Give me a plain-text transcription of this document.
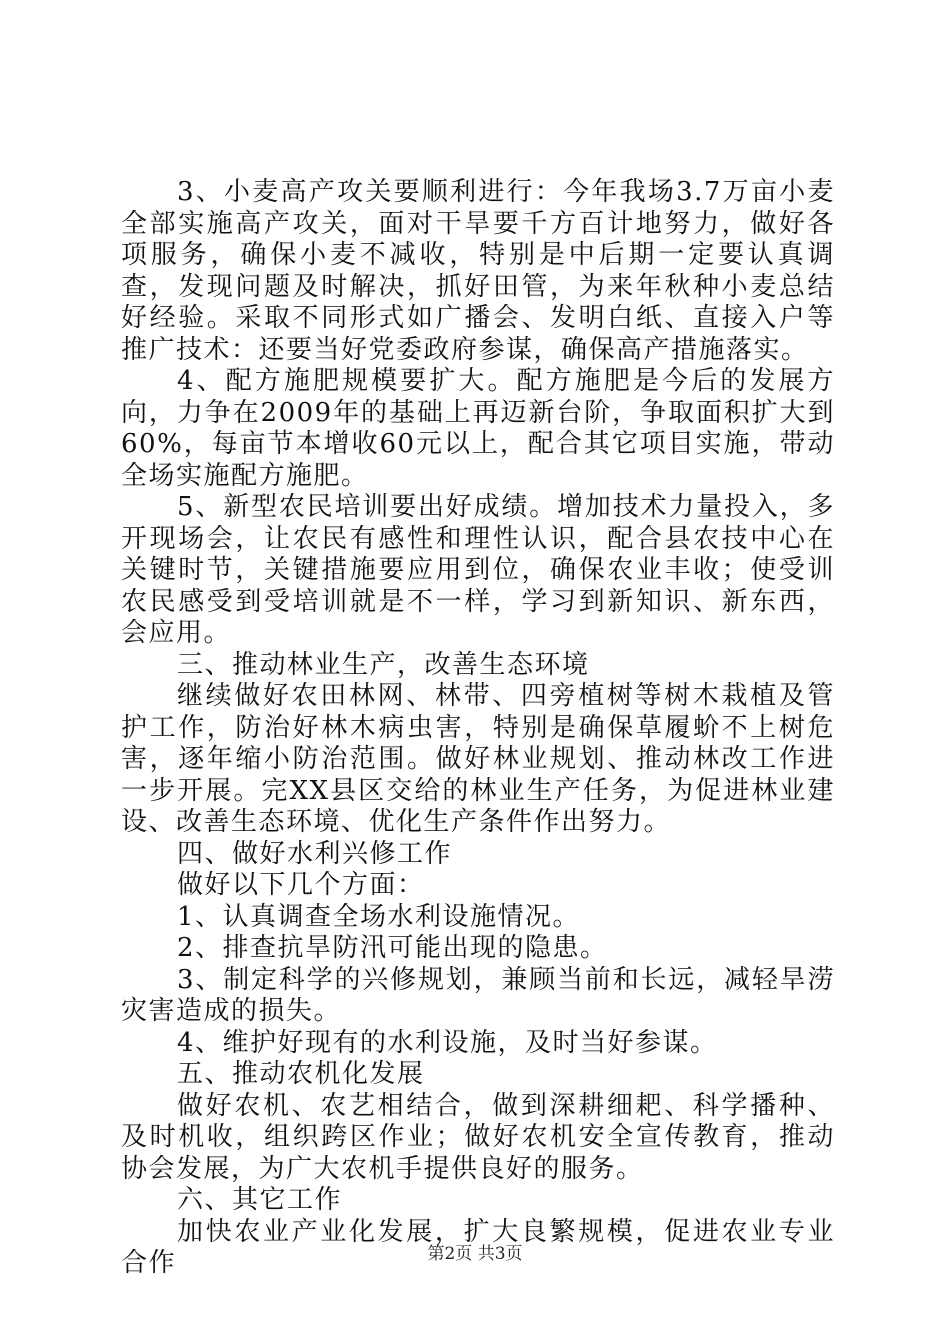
3、小麦高产攻关要顺利进行：今年我场3.7万亩小麦全部实施高产攻关，面对干旱要千方百计地努力，做好各项服务，确保小麦不减收，特别是中后期一定要认真调查，发现问题及时解决，抓好田管，为来年秋种小麦总结好经验。采取不同形式如广播会、发明白纸、直接入户等推广技术：还要当好党委政府参谋，确保高产措施落实。

4、配方施肥规模要扩大。配方施肥是今后的发展方向，力争在2009年的基础上再迈新台阶，争取面积扩大到60%，每亩节本增收60元以上，配合其它项目实施，带动全场实施配方施肥。

5、新型农民培训要出好成绩。增加技术力量投入，多开现场会，让农民有感性和理性认识，配合县农技中心在关键时节，关键措施要应用到位，确保农业丰收；使受训农民感受到受培训就是不一样，学习到新知识、新东西，会应用。

三、推动林业生产，改善生态环境

继续做好农田林网、林带、四旁植树等树木栽植及管护工作，防治好林木病虫害，特别是确保草履蚧不上树危害，逐年缩小防治范围。做好林业规划、推动林改工作进一步开展。完XX县区交给的林业生产任务，为促进林业建设、改善生态环境、优化生产条件作出努力。

四、做好水利兴修工作

做好以下几个方面：

1、认真调查全场水利设施情况。

2、排查抗旱防汛可能出现的隐患。

3、制定科学的兴修规划，兼顾当前和长远，减轻旱涝灾害造成的损失。

4、维护好现有的水利设施，及时当好参谋。

五、推动农机化发展

做好农机、农艺相结合，做到深耕细耙、科学播种、及时机收，组织跨区作业；做好农机安全宣传教育，推动协会发展，为广大农机手提供良好的服务。

六、其它工作

加快农业产业化发展，扩大良繁规模，促进农业专业合作	第2页 共3页
